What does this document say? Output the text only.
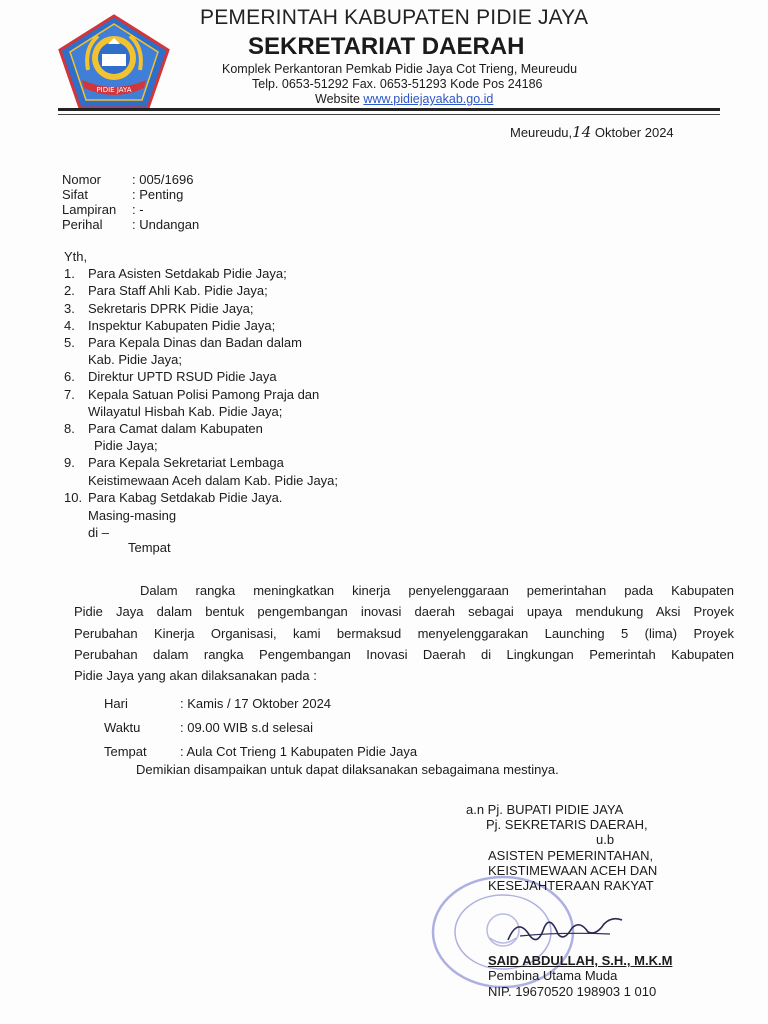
PIDIE JAYA
PEMERINTAH KABUPATEN PIDIE JAYA
SEKRETARIAT DAERAH
Komplek Perkantoran Pemkab Pidie Jaya Cot Trieng, Meureudu
Telp. 0653-51292 Fax. 0653-51293 Kode Pos 24186
Website www.pidiejayakab.go.id
Meureudu,14 Oktober 2024
Nomor	: 005/1696
Sifat	: Penting
Lampiran	: -
Perihal	: Undangan
Yth,
1.	Para Asisten Setdakab Pidie Jaya;
2.	Para Staff Ahli Kab. Pidie Jaya;
3.	Sekretaris DPRK Pidie Jaya;
4.	Inspektur Kabupaten Pidie Jaya;
5.	Para Kepala Dinas dan Badan dalam
Kab. Pidie Jaya;
6.	Direktur UPTD RSUD Pidie Jaya
7.	Kepala Satuan Polisi Pamong Praja dan
Wilayatul Hisbah Kab. Pidie Jaya;
8.	Para Camat dalam Kabupaten
Pidie Jaya;
9.	Para Kepala Sekretariat Lembaga
Keistimewaan Aceh dalam Kab. Pidie Jaya;
10. Para Kabag Setdakab Pidie Jaya.
Masing-masing
di –
Tempat
Dalam rangka meningkatkan kinerja penyelenggaraan pemerintahan pada Kabupaten
Pidie Jaya dalam bentuk pengembangan inovasi daerah sebagai upaya mendukung Aksi Proyek
Perubahan Kinerja Organisasi, kami bermaksud menyelenggarakan Launching 5 (lima) Proyek
Perubahan dalam rangka Pengembangan Inovasi Daerah di Lingkungan Pemerintah Kabupaten
Pidie Jaya yang akan dilaksanakan pada :
Hari	: Kamis / 17 Oktober 2024
Waktu	: 09.00 WIB s.d selesai
Tempat	: Aula Cot Trieng 1 Kabupaten Pidie Jaya
Demikian disampaikan untuk dapat dilaksanakan sebagaimana mestinya.
a.n Pj. BUPATI PIDIE JAYA
Pj. SEKRETARIS DAERAH,
u.b
ASISTEN PEMERINTAHAN,
KEISTIMEWAAN ACEH DAN
KESEJAHTERAAN RAKYAT
SAID ABDULLAH, S.H., M.K.M
Pembina Utama Muda
NIP. 19670520 198903 1 010
